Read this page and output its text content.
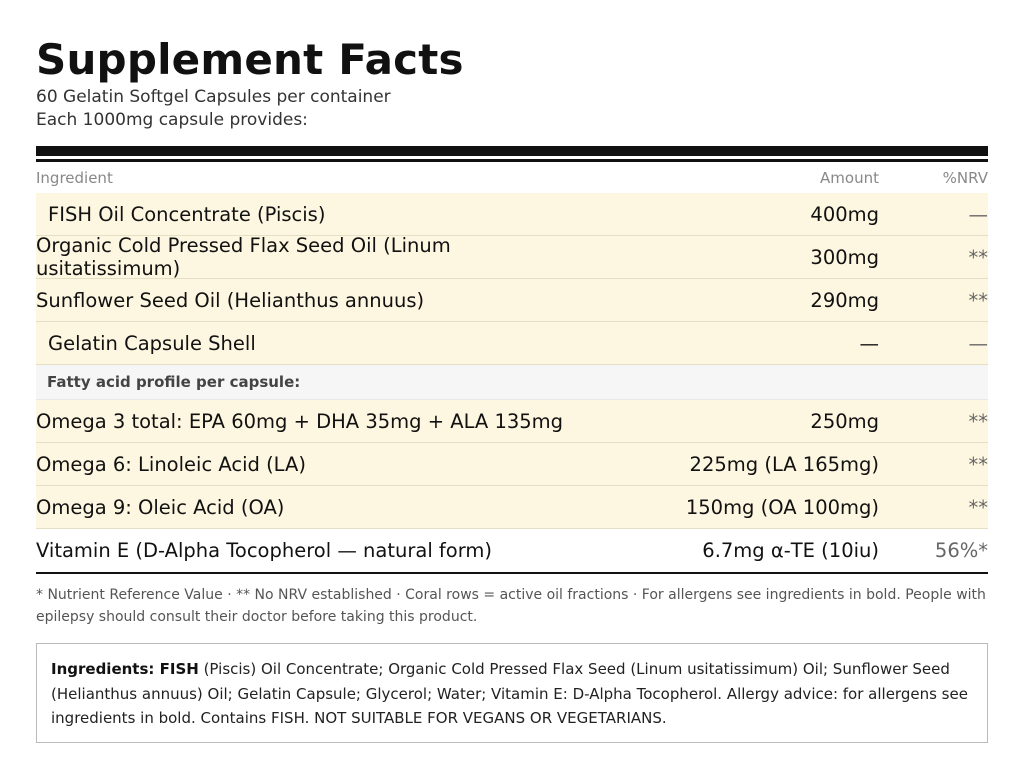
Supplement Facts
60 Gelatin Softgel Capsules per container
Each 1000mg capsule provides:
Ingredient	Amount	%NRV
FISH Oil Concentrate (Piscis)	400mg	—
Organic Cold Pressed Flax Seed Oil (Linum usitatissimum)	300mg	**
Sunflower Seed Oil (Helianthus annuus)	290mg	**
Gelatin Capsule Shell	—	—
Fatty acid profile per capsule:
Omega 3 total: EPA 60mg + DHA 35mg + ALA 135mg	250mg	**
Omega 6: Linoleic Acid (LA)	225mg (LA 165mg)	**
Omega 9: Oleic Acid (OA)	150mg (OA 100mg)	**
Vitamin E (D-Alpha Tocopherol — natural form)	6.7mg α-TE (10iu)	56%*
* Nutrient Reference Value · ** No NRV established · Coral rows = active oil fractions · For allergens see ingredients in bold. People with epilepsy should consult their doctor before taking this product.
Ingredients: FISH (Piscis) Oil Concentrate; Organic Cold Pressed Flax Seed (Linum usitatissimum) Oil; Sunflower Seed (Helianthus annuus) Oil; Gelatin Capsule; Glycerol; Water; Vitamin E: D-Alpha Tocopherol. Allergy advice: for allergens see ingredients in bold. Contains FISH. NOT SUITABLE FOR VEGANS OR VEGETARIANS.
